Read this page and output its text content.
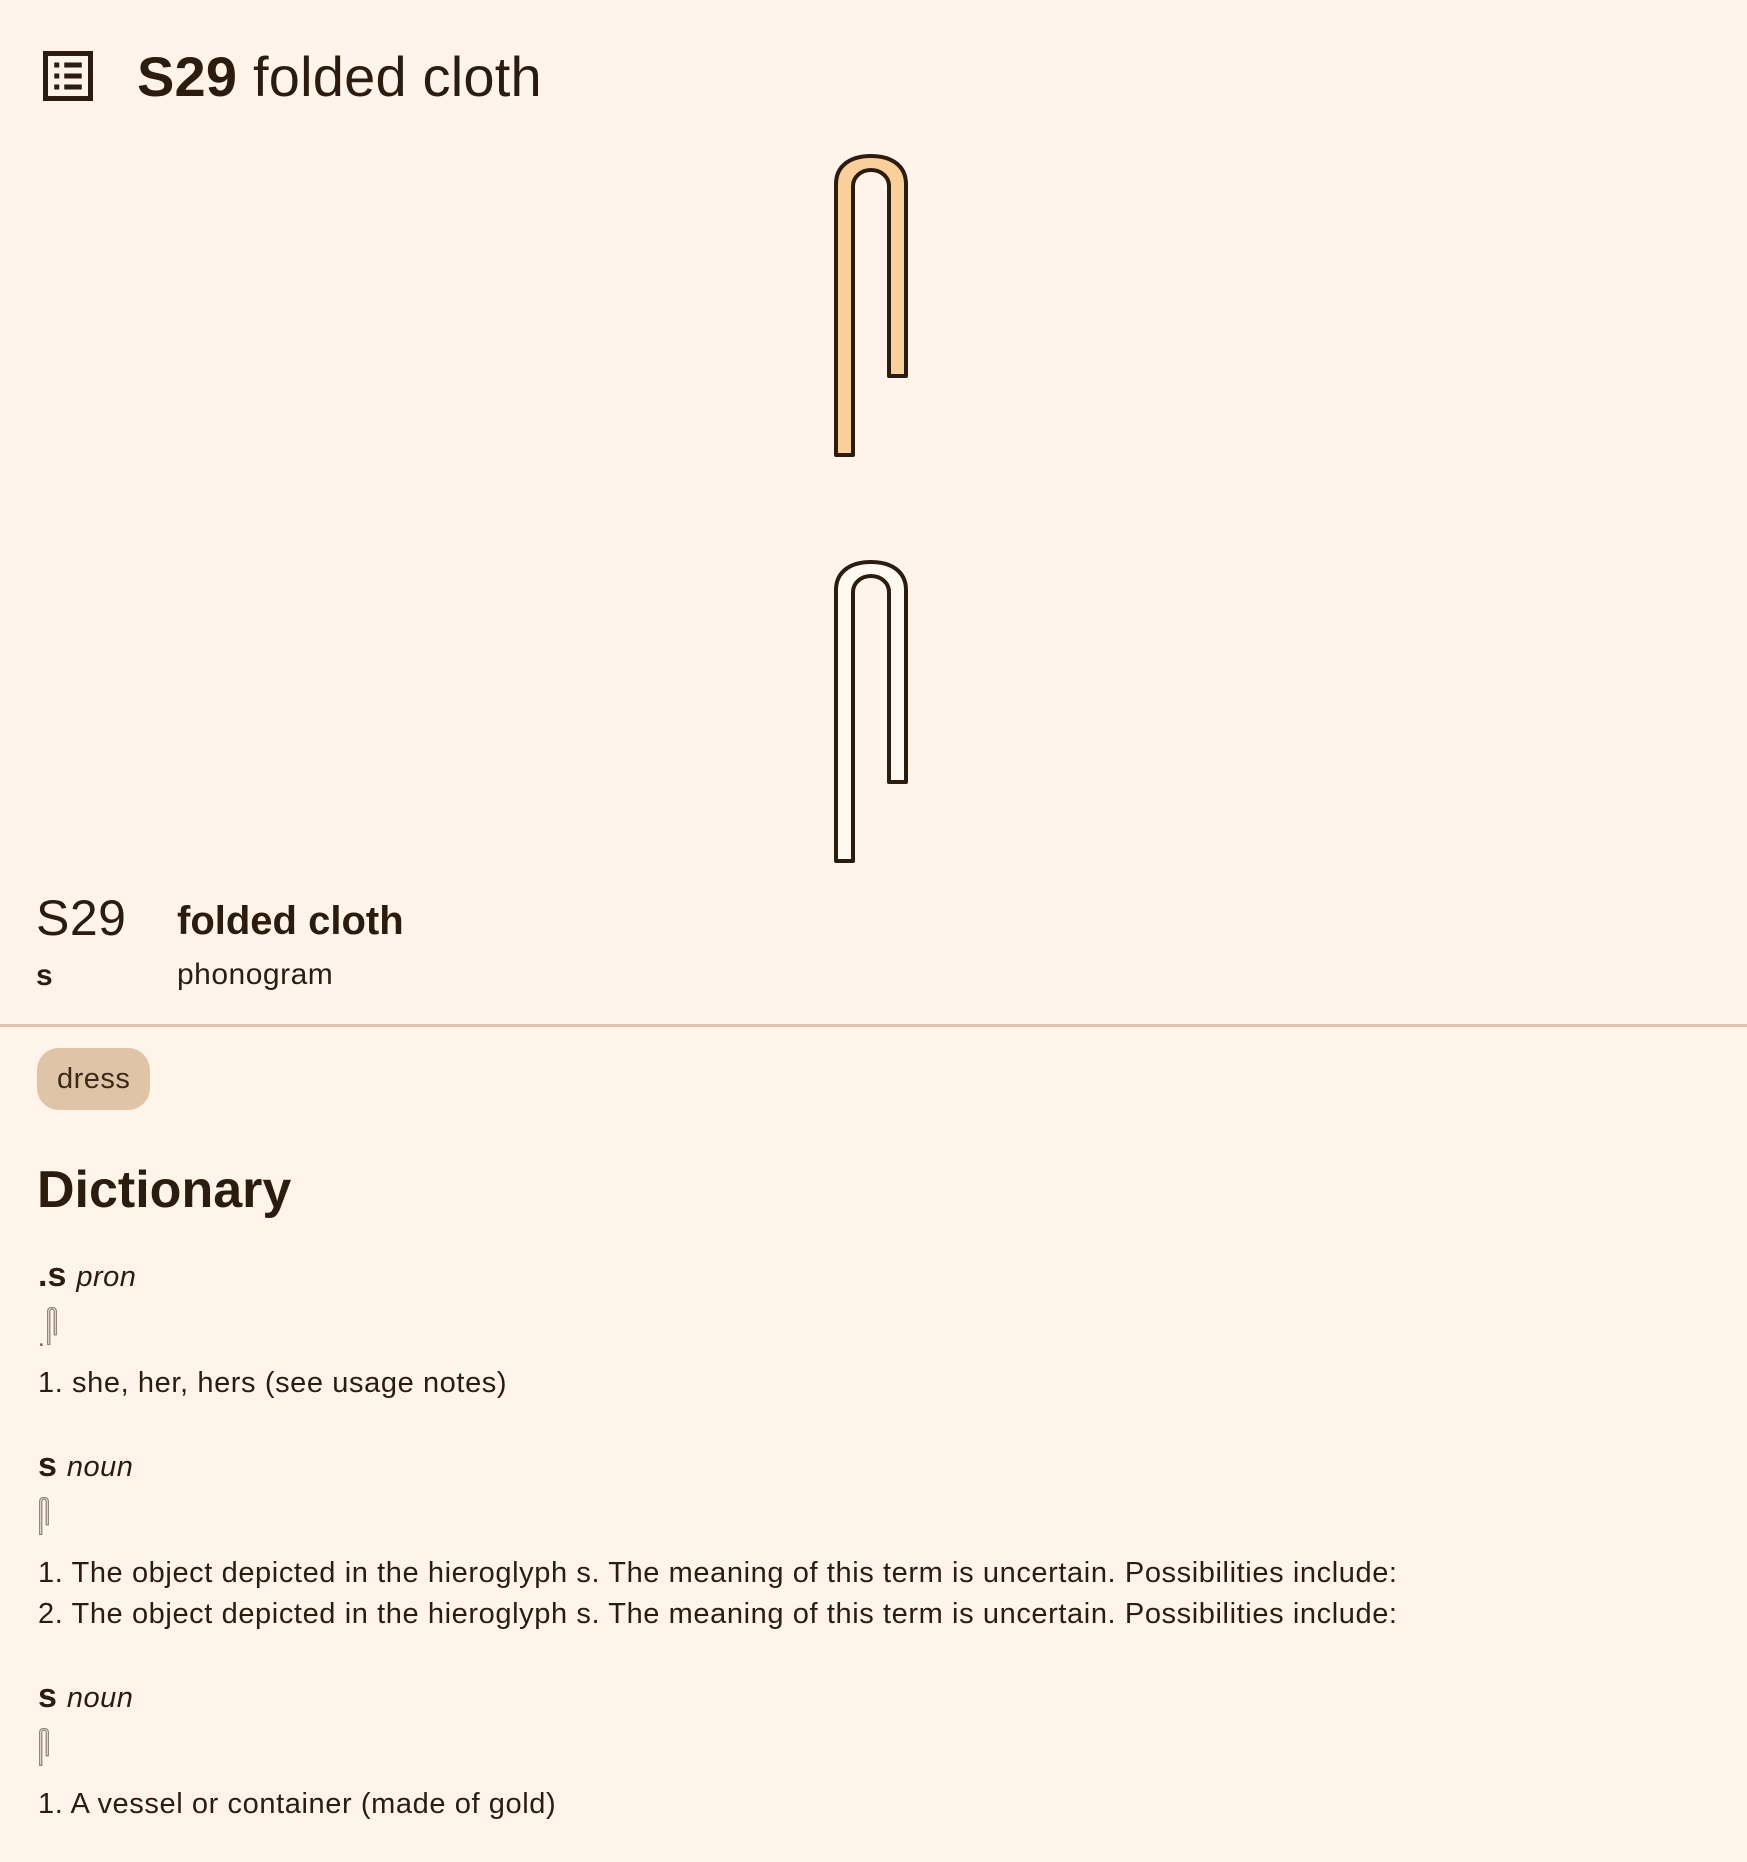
S29 folded cloth
S29 folded cloth
s	phonogram
dress
Dictionary
.s pron
.
1. she, her, hers (see usage notes)
s noun
1. The object depicted in the hieroglyph s. The meaning of this term is uncertain. Possibilities include:
2. The object depicted in the hieroglyph s. The meaning of this term is uncertain. Possibilities include:
s noun
1. A vessel or container (made of gold)
